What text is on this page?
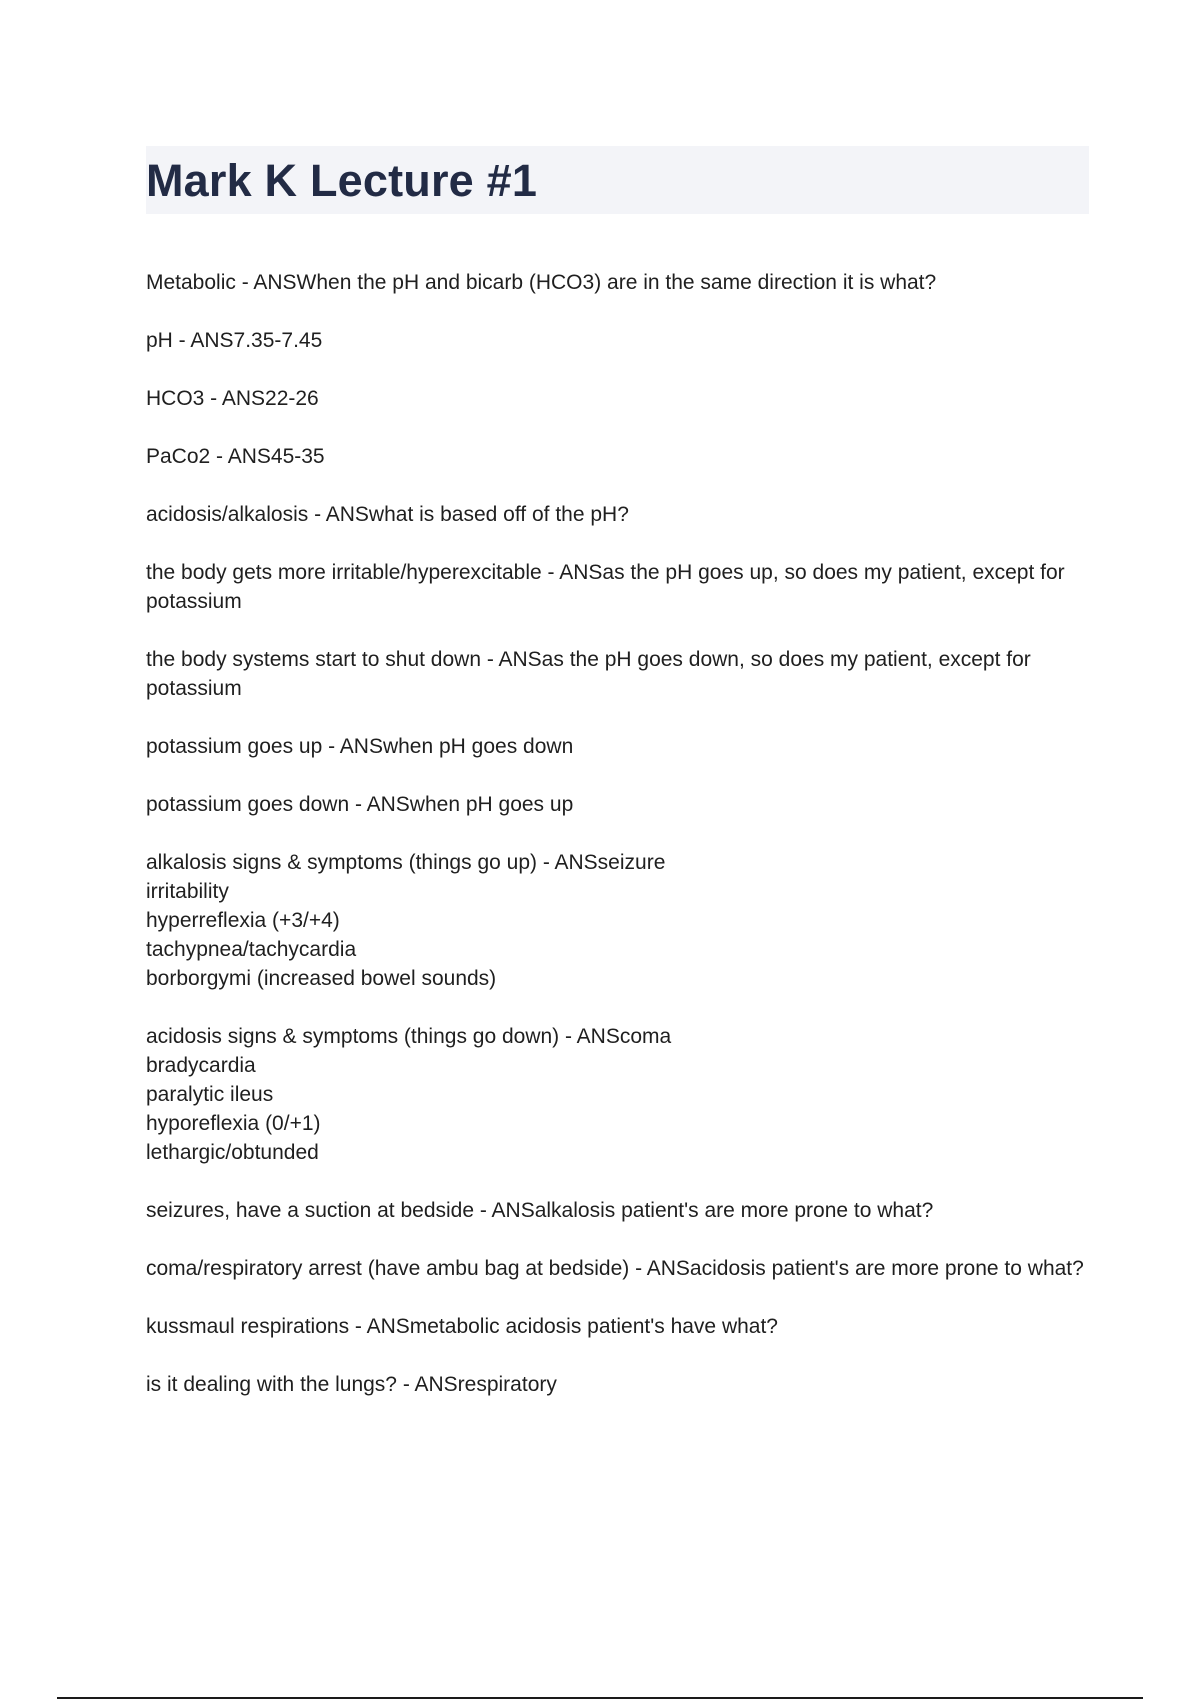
Mark K Lecture #1
Metabolic - ANSWhen the pH and bicarb (HCO3) are in the same direction it is what?
pH - ANS7.35-7.45
HCO3 - ANS22-26
PaCo2 - ANS45-35
acidosis/alkalosis - ANSwhat is based off of the pH?
the body gets more irritable/hyperexcitable - ANSas the pH goes up, so does my patient, except for potassium
the body systems start to shut down - ANSas the pH goes down, so does my patient, except for potassium
potassium goes up - ANSwhen pH goes down
potassium goes down - ANSwhen pH goes up
alkalosis signs & symptoms (things go up) - ANSseizure
irritability
hyperreflexia (+3/+4)
tachypnea/tachycardia
borborgymi (increased bowel sounds)
acidosis signs & symptoms (things go down) - ANScoma
bradycardia
paralytic ileus
hyporeflexia (0/+1)
lethargic/obtunded
seizures, have a suction at bedside - ANSalkalosis patient's are more prone to what?
coma/respiratory arrest (have ambu bag at bedside) - ANSacidosis patient's are more prone to what?
kussmaul respirations - ANSmetabolic acidosis patient's have what?
is it dealing with the lungs? - ANSrespiratory
